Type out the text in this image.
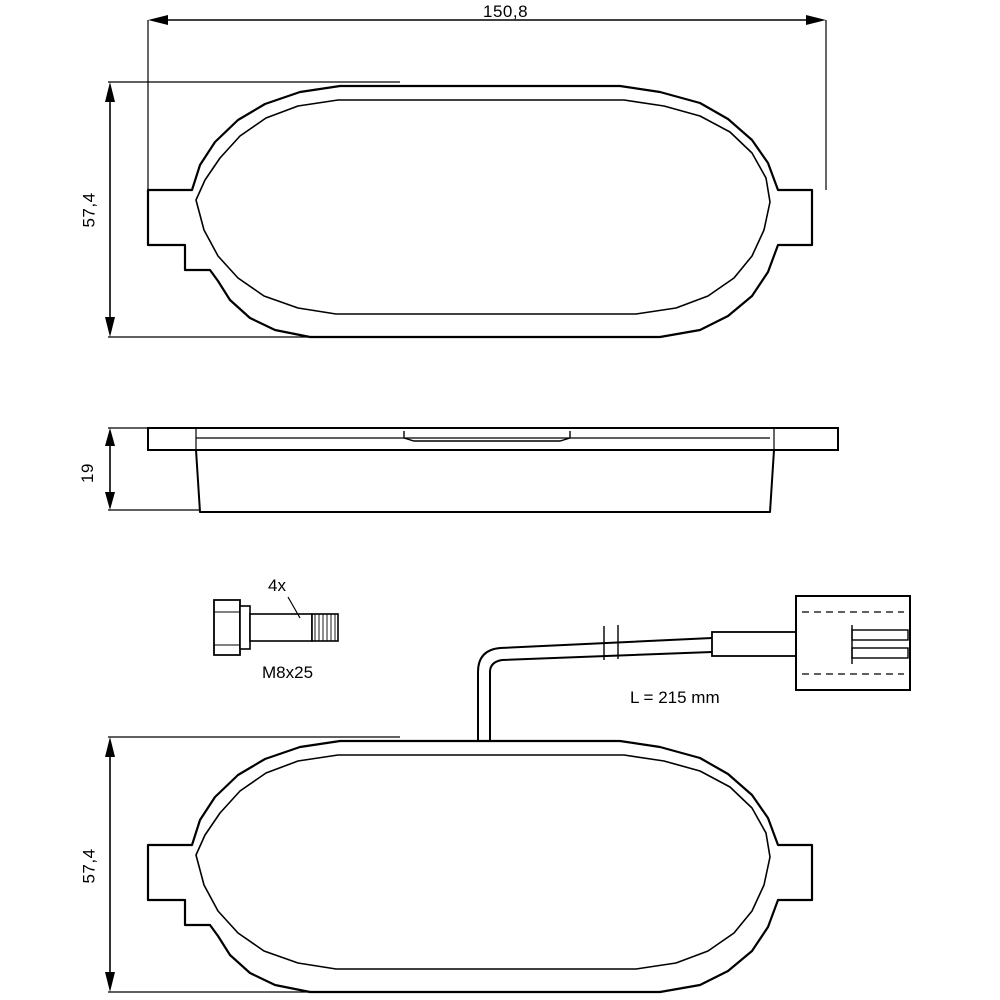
150,8
57,4
19
4x
M8x25
L = 215 mm
57,4
